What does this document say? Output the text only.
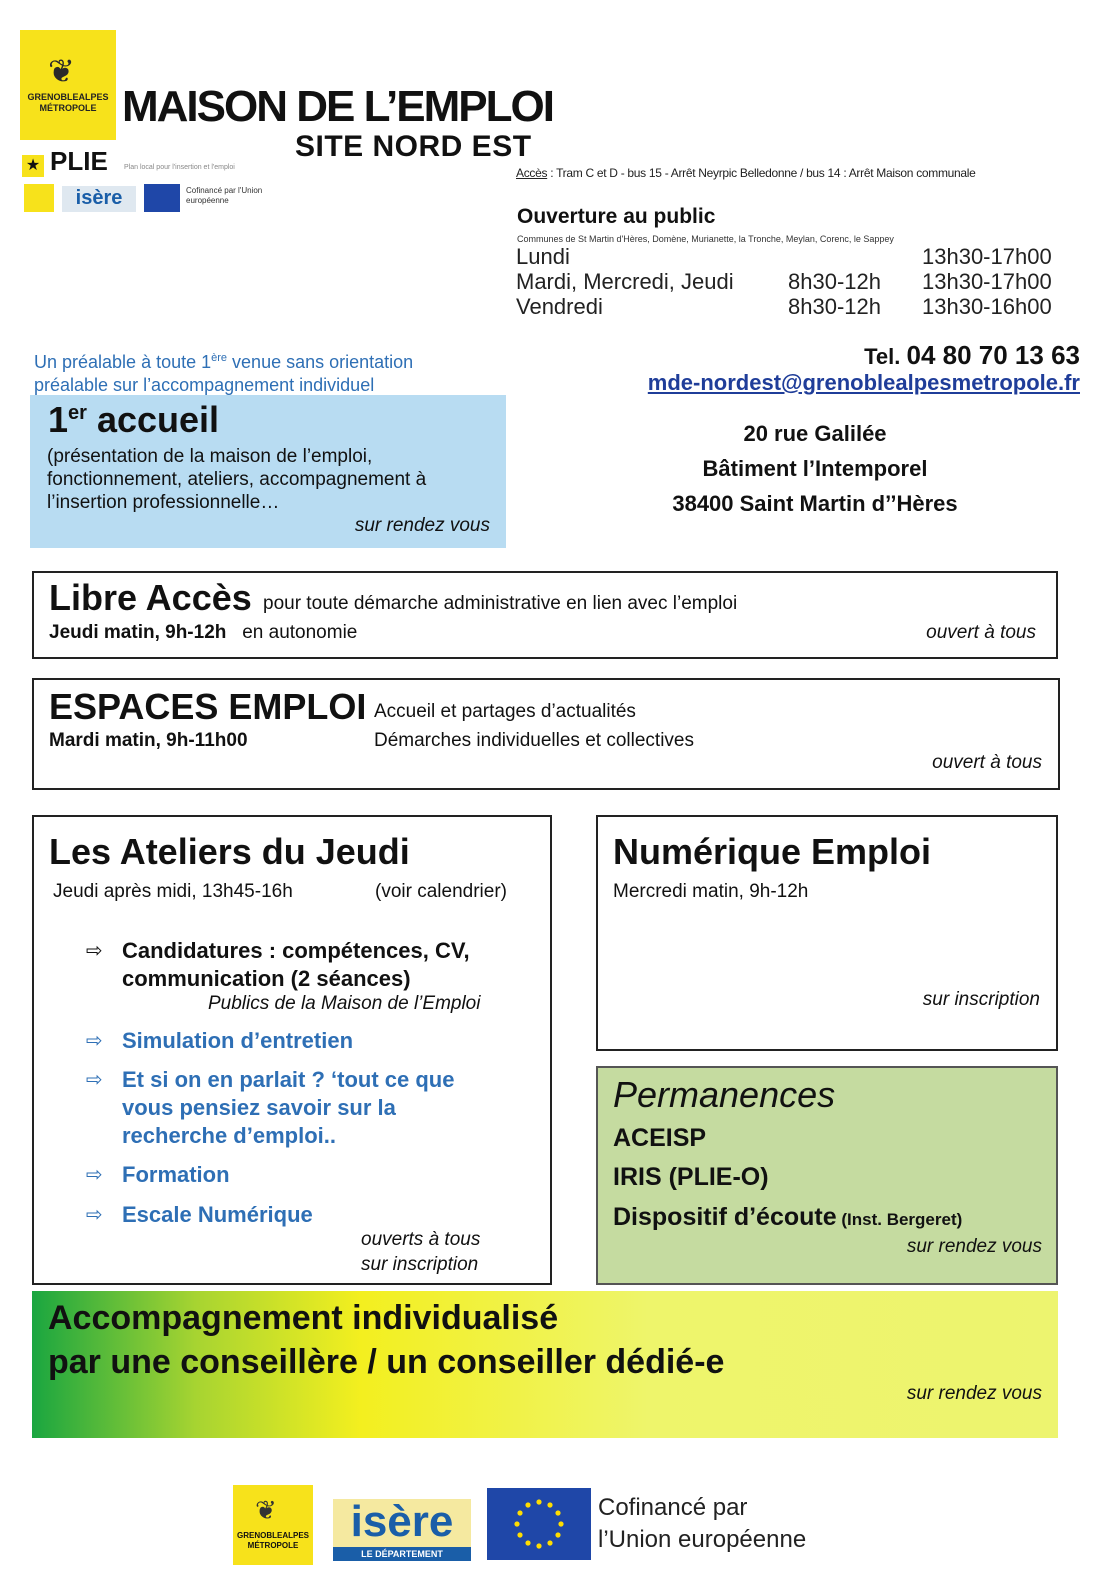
❦
GRENOBLEALPES MÉTROPOLE MAISON DE L’EMPLOI
SITE NORD EST
★ PLIE Plan local pour l'insertion et l'emploi
isère	Cofinancé par l'Union européenne
Accès : Tram C et D - bus 15 - Arrêt Neyrpic Belledonne / bus 14 : Arrêt Maison communale
Ouverture au public
Communes de St Martin d'Hères, Domène, Murianette, la Tronche, Meylan, Corenc, le Sappey
Lundi		13h30-17h00
Mardi, Mercredi, Jeudi	8h30-12h	13h30-17h00
Vendredi	8h30-12h	13h30-16h00
Un préalable à toute 1ère venue sans orientation
préalable sur l’accompagnement individuel
Tel. 04 80 70 13 63
mde-nordest@grenoblealpesmetropole.fr
20 rue Galilée
Bâtiment l’Intemporel
38400 Saint Martin d’’Hères
1er accueil
(présentation de la maison de l’emploi, fonctionnement, ateliers, accompagnement à l’insertion professionnelle…
sur rendez vous
Libre Accès pour toute démarche administrative en lien avec l’emploi
Jeudi matin, 9h-12h en autonomie	ouvert à tous
ESPACES EMPLOI Accueil et partages d’actualités
Démarches individuelles et collectives
Mardi matin, 9h-11h00
ouvert à tous
Les Ateliers du Jeudi
Jeudi après midi, 13h45-16h	(voir calendrier)
⇨ Candidatures : compétences, CV,
communication (2 séances)
Publics de la Maison de l’Emploi
⇨ Simulation d’entretien
⇨ Et si on en parlait ? ‘tout ce que
vous pensiez savoir sur la
recherche d’emploi..
⇨ Formation
⇨ Escale Numérique
ouverts à tous
sur inscription
Numérique Emploi
Mercredi matin, 9h-12h
sur inscription
Permanences
ACEISP
IRIS (PLIE-O)
Dispositif d’écoute (Inst. Bergeret)
sur rendez vous
Accompagnement individualisé
par une conseillère / un conseiller dédié-e
sur rendez vous
❦
GRENOBLEALPES MÉTROPOLE	isère
LE DÉPARTEMENT
Cofinancé par
l’Union européenne
